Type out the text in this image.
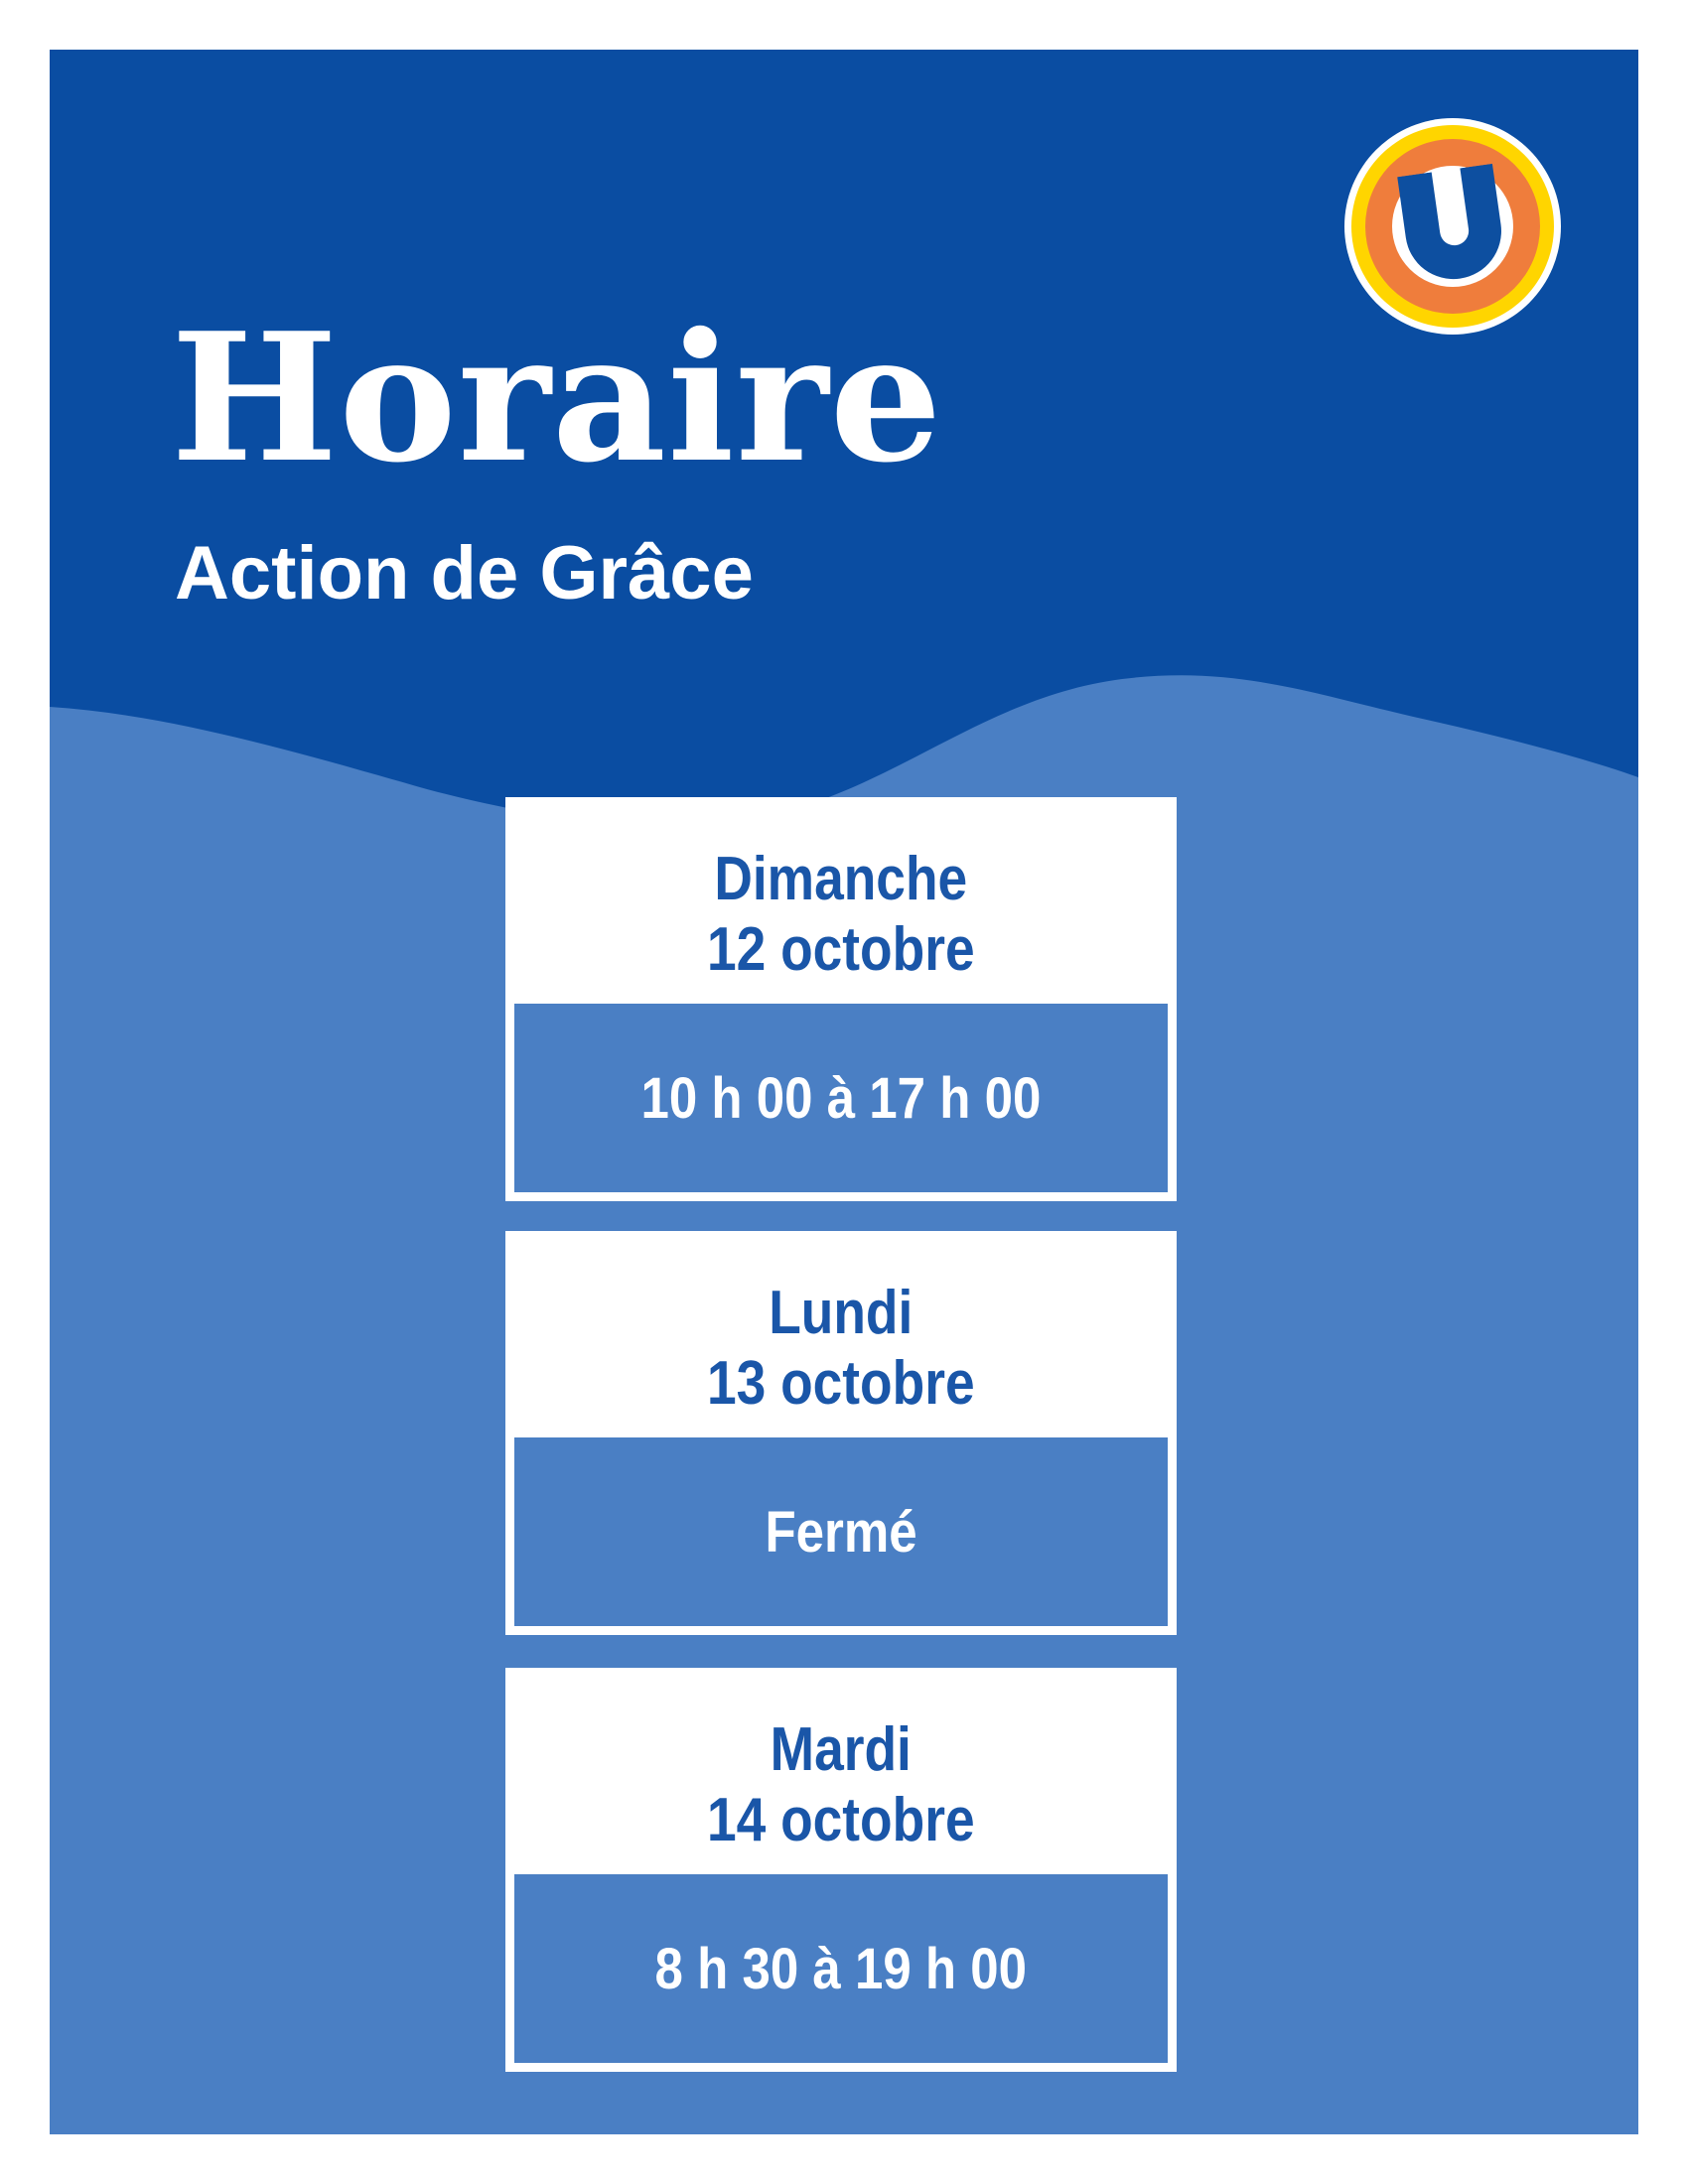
Horaire
Action de Grâce
Dimanche
12 octobre
10 h 00 à 17 h 00
Lundi
13 octobre
Fermé
Mardi
14 octobre
8 h 30 à 19 h 00
